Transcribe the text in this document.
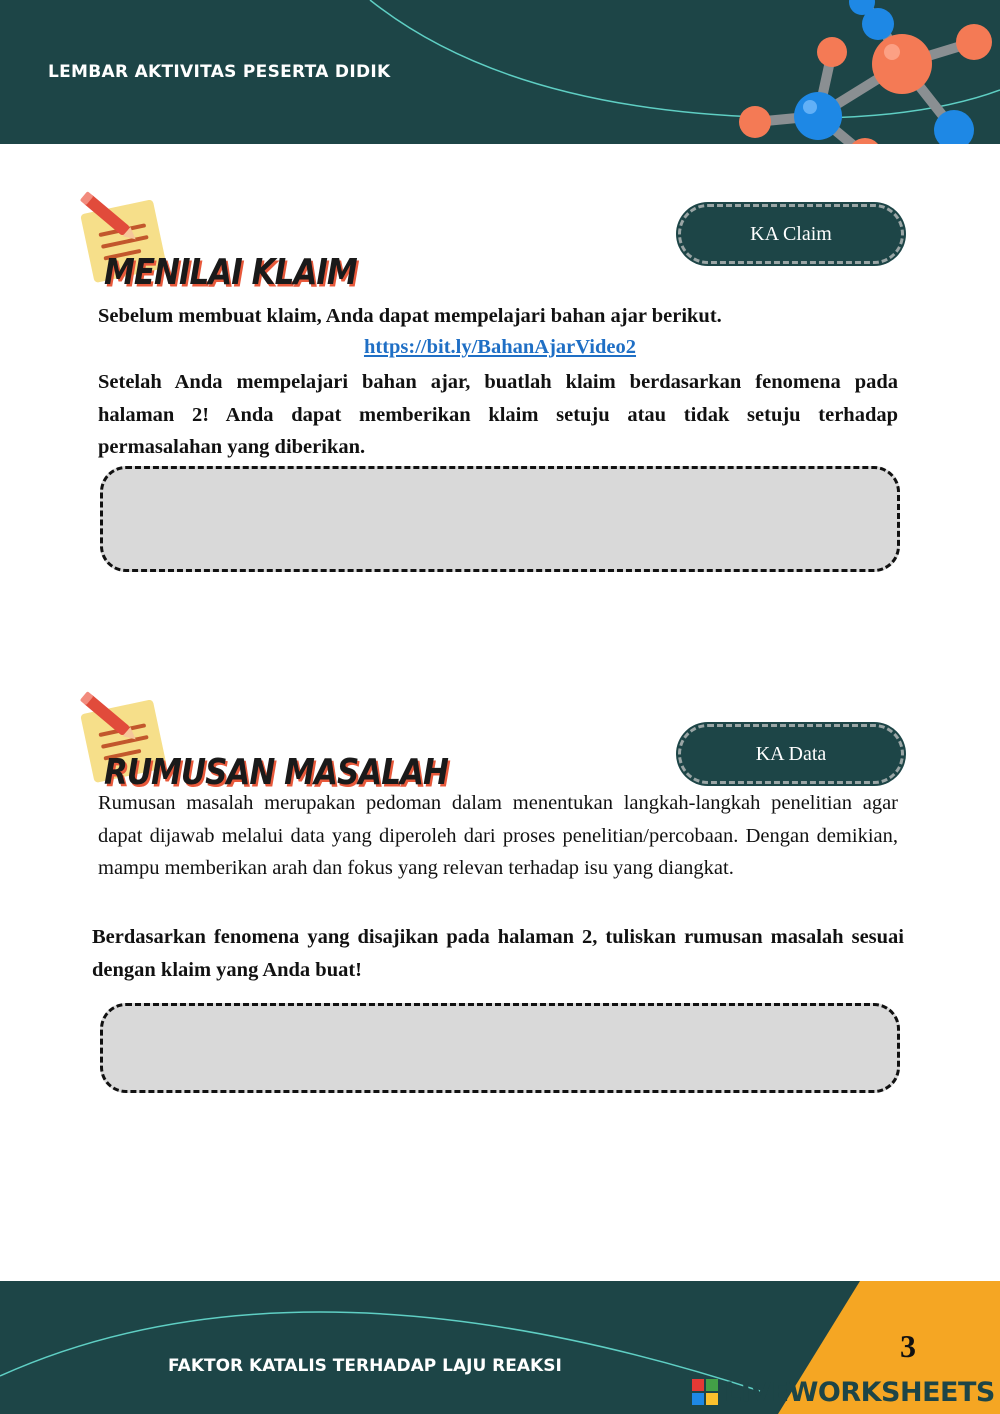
LEMBAR AKTIVITAS PESERTA DIDIK
MENILAI KLAIM
KA Claim
Sebelum membuat klaim, Anda dapat mempelajari bahan ajar berikut.
https://bit.ly/BahanAjarVideo2
Setelah Anda mempelajari bahan ajar, buatlah klaim berdasarkan fenomena pada halaman 2! Anda dapat memberikan klaim setuju atau tidak setuju terhadap permasalahan yang diberikan.
RUMUSAN MASALAH	KA Data
Rumusan masalah merupakan pedoman dalam menentukan langkah-langkah penelitian agar dapat dijawab melalui data yang diperoleh dari proses penelitian/percobaan. Dengan demikian, mampu memberikan arah dan fokus yang relevan terhadap isu yang diangkat.
Berdasarkan fenomena yang disajikan pada halaman 2, tuliskan rumusan masalah sesuai dengan klaim yang Anda buat!
FAKTOR KATALIS TERHADAP LAJU REAKSI
3
LIVEWORKSHEETS
